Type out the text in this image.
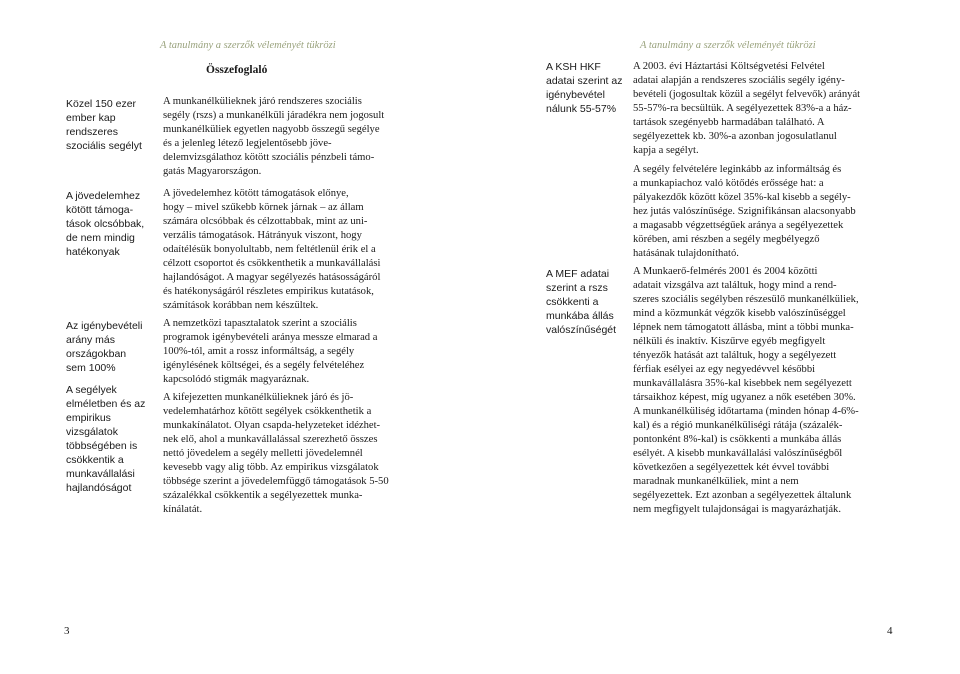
A tanulmány a szerzők véleményét tükrözi
Összefoglaló
Közel 150 ezer
ember kap
rendszeres
szociális segélyt
A jövedelemhez
kötött támoga-
tások olcsóbbak,
de nem mindig
hatékonyak
Az igénybevételi
arány más
országokban
sem 100%
A segélyek
elméletben és az
empirikus
vizsgálatok
többségében is
csökkentik a
munkavállalási
hajlandóságot
A munkanélkülieknek járó rendszeres szociális
segély (rszs) a munkanélküli járadékra nem jogosult
munkanélküliek egyetlen nagyobb összegű segélye
és a jelenleg létező legjelentősebb jöve-
delemvizsgálathoz kötött szociális pénzbeli támo-
gatás Magyarországon.
A jövedelemhez kötött támogatások előnye,
hogy – mivel szűkebb körnek járnak – az állam
számára olcsóbbak és célzottabbak, mint az uni-
verzális támogatások. Hátrányuk viszont, hogy
odaítélésük bonyolultabb, nem feltétlenül érik el a
célzott csoportot és csökkenthetik a munkavállalási
hajlandóságot. A magyar segélyezés hatásosságáról
és hatékonyságáról részletes empirikus kutatások,
számítások korábban nem készültek.
A nemzetközi tapasztalatok szerint a szociális
programok igénybevételi aránya messze elmarad a
100%-tól, amit a rossz informáltság, a segély
igénylésének költségei, és a segély felvételéhez
kapcsolódó stigmák magyaráznak.
A kifejezetten munkanélkülieknek járó és jö-
vedelemhatárhoz kötött segélyek csökkenthetik a
munkakínálatot. Olyan csapda-helyzeteket idézhet-
nek elő, ahol a munkavállalással szerezhető összes
nettó jövedelem a segély melletti jövedelemnél
kevesebb vagy alig több. Az empirikus vizsgálatok
többsége szerint a jövedelemfüggő támogatások 5-50
százalékkal csökkentik a segélyezettek munka-
kínálatát.
3
A tanulmány a szerzők véleményét tükrözi
A KSH HKF
adatai szerint az
igénybevétel
nálunk 55-57%
A MEF adatai
szerint a rszs
csökkenti a
munkába állás
valószínűségét
A 2003. évi Háztartási Költségvetési Felvétel
adatai alapján a rendszeres szociális segély igény-
bevételi (jogosultak közül a segélyt felvevők) arányát
55-57%-ra becsültük. A segélyezettek 83%-a a ház-
tartások szegényebb harmadában található. A
segélyezettek kb. 30%-a azonban jogosulatlanul
kapja a segélyt.
A segély felvételére leginkább az informáltság és
a munkapiachoz való kötődés erőssége hat: a
pályakezdők között közel 35%-kal kisebb a segély-
hez jutás valószínűsége. Szignifikánsan alacsonyabb
a magasabb végzettségűek aránya a segélyezettek
körében, ami részben a segély megbélyegző
hatásának tulajdonítható.
A Munkaerő-felmérés 2001 és 2004 közötti
adatait vizsgálva azt találtuk, hogy mind a rend-
szeres szociális segélyben részesülő munkanélküliek,
mind a közmunkát végzők kisebb valószínűséggel
lépnek nem támogatott állásba, mint a többi munka-
nélküli és inaktív. Kiszűrve egyéb megfigyelt
tényezők hatását azt találtuk, hogy a segélyezett
férfiak esélyei az egy negyedévvel későbbi
munkavállalásra 35%-kal kisebbek nem segélyezett
társaikhoz képest, míg ugyanez a nők esetében 30%.
A munkanélküliség időtartama (minden hónap 4-6%-
kal) és a régió munkanélküliségi rátája (százalék-
pontonként 8%-kal) is csökkenti a munkába állás
esélyét. A kisebb munkavállalási valószínűségből
következően a segélyezettek két évvel további
maradnak munkanélküliek, mint a nem
segélyezettek. Ezt azonban a segélyezettek általunk
nem megfigyelt tulajdonságai is magyarázhatják.
4
